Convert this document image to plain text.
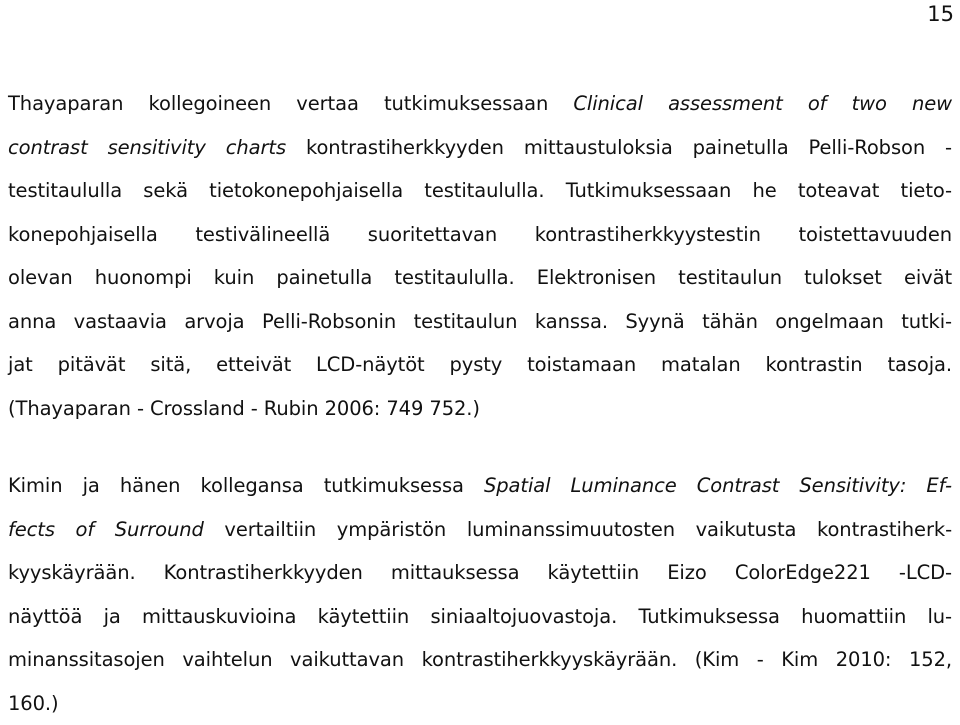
15

Thayaparan kollegoineen vertaa tutkimuksessaan Clinical assessment of two new
contrast sensitivity charts kontrastiherkkyyden mittaustuloksia painetulla Pelli-Robson -
testitaululla sekä tietokonepohjaisella testitaululla. Tutkimuksessaan he toteavat tieto-
konepohjaisella testivälineellä suoritettavan kontrastiherkkyystestin toistettavuuden
olevan huonompi kuin painetulla testitaululla. Elektronisen testitaulun tulokset eivät
anna vastaavia arvoja Pelli-Robsonin testitaulun kanssa. Syynä tähän ongelmaan tutki-
jat pitävät sitä, etteivät LCD-näytöt pysty toistamaan matalan kontrastin tasoja.
(Thayaparan - Crossland - Rubin 2006: 749 752.)

Kimin ja hänen kollegansa tutkimuksessa Spatial Luminance Contrast Sensitivity: Ef-
fects of Surround vertailtiin ympäristön luminanssimuutosten vaikutusta kontrastiherk-
kyyskäyrään. Kontrastiherkkyyden mittauksessa käytettiin Eizo ColorEdge221 -LCD-
näyttöä ja mittauskuvioina käytettiin siniaaltojuovastoja. Tutkimuksessa huomattiin lu-
minanssitasojen vaihtelun vaikuttavan kontrastiherkkyyskäyrään. (Kim - Kim 2010: 152,
160.)
